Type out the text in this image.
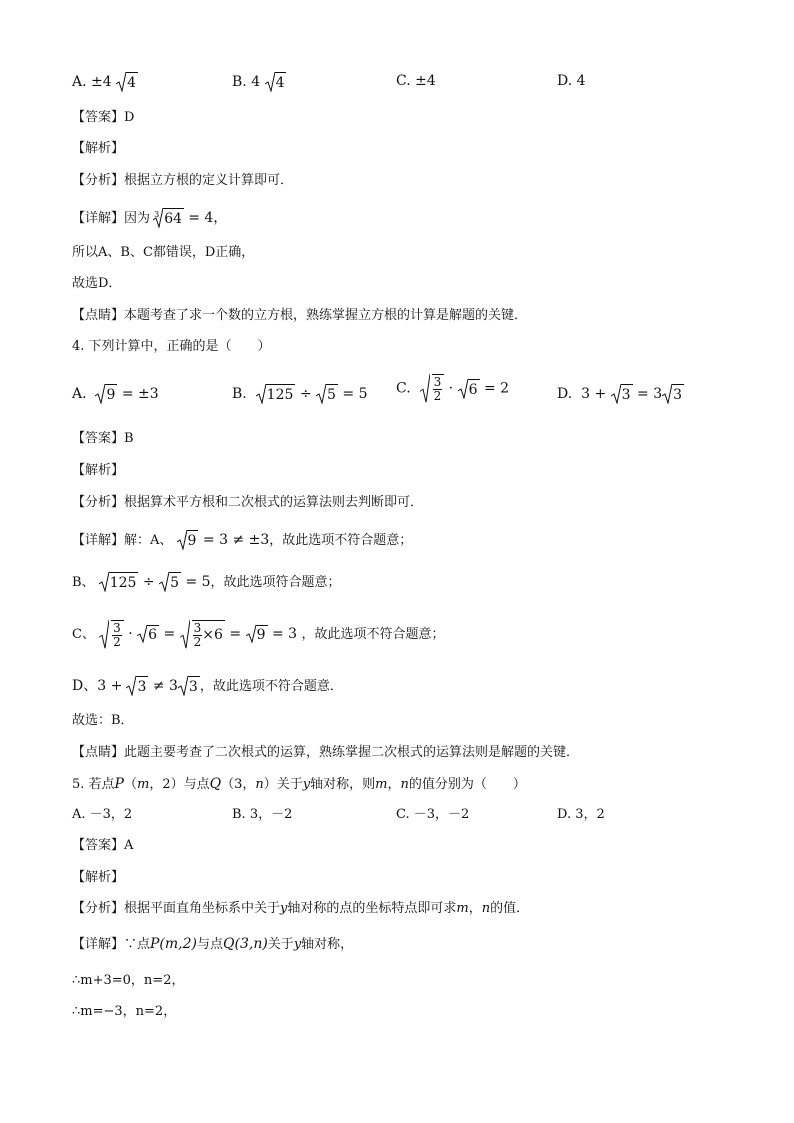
A. ±4 4	B. 4 4	C. ±4	D. 4
【答案】D
【解析】
【分析】根据立方根的定义计算即可．
【详解】因为 $^3$ 64 = 4，
所以A、B、C都错误，D正确，
故选D．
【点睛】本题考查了求一个数的立方根，熟练掌握立方根的计算是解题的关键．
4. 下列计算中，正确的是（　　）
A. 9 = ±3	B. 125 ÷ 5 = 5 C. $\frac{3}{2} \cdot 6 = 2$	D. 3 + 3 = 3 3
【答案】B
【解析】
【分析】根据算术平方根和二次根式的运算法则去判断即可．
【详解】解：A、 9 = 3 ≠ ±3，故此选项不符合题意；
B、 125 ÷ 5 = 5，故此选项符合题意；
C、 $\frac{3}{2} \cdot 6 = \frac{3}{2} \times 6 = 9 = 3$ ，故此选项不符合题意；
D、3 + 3 ≠ 3 3 ，故此选项不符合题意．
故选：B．
【点睛】此题主要考查了二次根式的运算，熟练掌握二次根式的运算法则是解题的关键．
5. 若点P（m，2）与点Q（3，n）关于y轴对称，则m，n的值分别为（　　）
A. －3，2	B. 3，－2	C. －3，－2	D. 3，2
【答案】A
【解析】
【分析】根据平面直角坐标系中关于y轴对称的点的坐标特点即可求m，n的值．
【详解】∵点P(m,2)与点Q(3,n)关于y轴对称，
∴m+3=0，n=2，
∴m=−3，n=2，
